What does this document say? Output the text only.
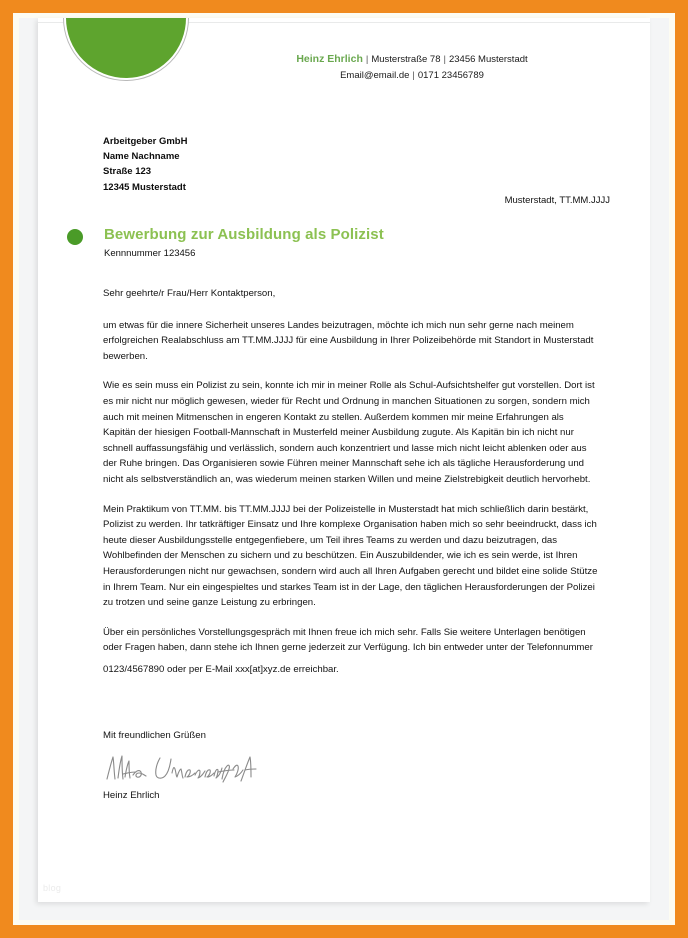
Heinz Ehrlich | Musterstraße 78 | 23456 Musterstadt
Email@email.de | 0171 23456789
Arbeitgeber GmbH
Name Nachname
Straße 123
12345 Musterstadt
Musterstadt, TT.MM.JJJJ
Bewerbung zur Ausbildung als Polizist
Kennnummer 123456

Sehr geehrte/r Frau/Herr Kontaktperson,

um etwas für die innere Sicherheit unseres Landes beizutragen, möchte ich mich nun sehr gerne nach meinem erfolgreichen Realabschluss am TT.MM.JJJJ für eine Ausbildung in Ihrer Polizeibehörde mit Standort in Musterstadt bewerben.

Wie es sein muss ein Polizist zu sein, konnte ich mir in meiner Rolle als Schul-Aufsichtshelfer gut vorstellen. Dort ist es mir nicht nur möglich gewesen, wieder für Recht und Ordnung in manchen Situationen zu sorgen, sondern mich auch mit meinen Mitmenschen in engeren Kontakt zu stellen. Außerdem kommen mir meine Erfahrungen als Kapitän der hiesigen Football-Mannschaft in Musterfeld meiner Ausbildung zugute. Als Kapitän bin ich nicht nur schnell auffassungsfähig und verlässlich, sondern auch konzentriert und lasse mich nicht leicht ablenken oder aus der Ruhe bringen. Das Organisieren sowie Führen meiner Mannschaft sehe ich als tägliche Herausforderung und nicht als selbstverständlich an, was wiederum meinen starken Willen und meine Zielstrebigkeit deutlich hervorhebt.

Mein Praktikum von TT.MM. bis TT.MM.JJJJ bei der Polizeistelle in Musterstadt hat mich schließlich darin bestärkt, Polizist zu werden. Ihr tatkräftiger Einsatz und Ihre komplexe Organisation haben mich so sehr beeindruckt, dass ich heute dieser Ausbildungsstelle entgegenfiebere, um Teil ihres Teams zu werden und dazu beizutragen, das Wohlbefinden der Menschen zu sichern und zu beschützen. Ein Auszubildender, wie ich es sein werde, ist Ihren Herausforderungen nicht nur gewachsen, sondern wird auch all Ihren Aufgaben gerecht und bildet eine solide Stütze in Ihrem Team. Nur ein eingespieltes und starkes Team ist in der Lage, den täglichen Herausforderungen der Polizei zu trotzen und seine ganze Leistung zu erbringen.

Über ein persönliches Vorstellungsgespräch mit Ihnen freue ich mich sehr. Falls Sie weitere Unterlagen benötigen oder Fragen haben, dann stehe ich Ihnen gerne jederzeit zur Verfügung. Ich bin entweder unter der Telefonnummer

0123/4567890 oder per E-Mail xxx[at]xyz.de erreichbar.

Mit freundlichen Grüßen
Heinz Ehrlich
blog
